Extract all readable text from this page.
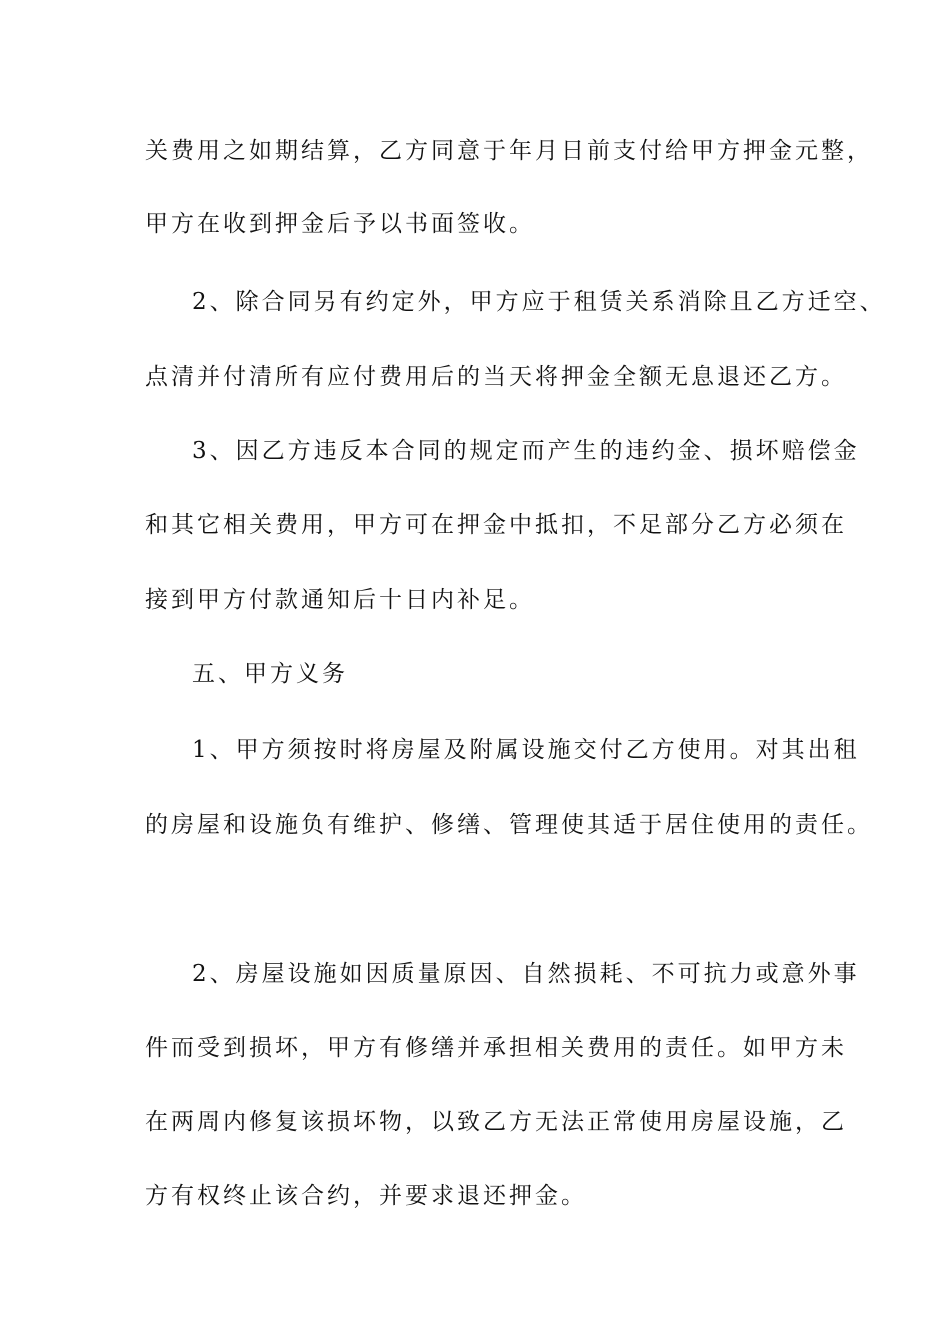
关费用之如期结算，乙方同意于年月日前支付给甲方押金元整，
甲方在收到押金后予以书面签收。
2、除合同另有约定外，甲方应于租赁关系消除且乙方迁空、
点清并付清所有应付费用后的当天将押金全额无息退还乙方。
3、因乙方违反本合同的规定而产生的违约金、损坏赔偿金
和其它相关费用，甲方可在押金中抵扣，不足部分乙方必须在
接到甲方付款通知后十日内补足。
五、甲方义务
1、甲方须按时将房屋及附属设施交付乙方使用。对其出租
的房屋和设施负有维护、修缮、管理使其适于居住使用的责任。
2、房屋设施如因质量原因、自然损耗、不可抗力或意外事
件而受到损坏，甲方有修缮并承担相关费用的责任。如甲方未
在两周内修复该损坏物，以致乙方无法正常使用房屋设施，乙
方有权终止该合约，并要求退还押金。
